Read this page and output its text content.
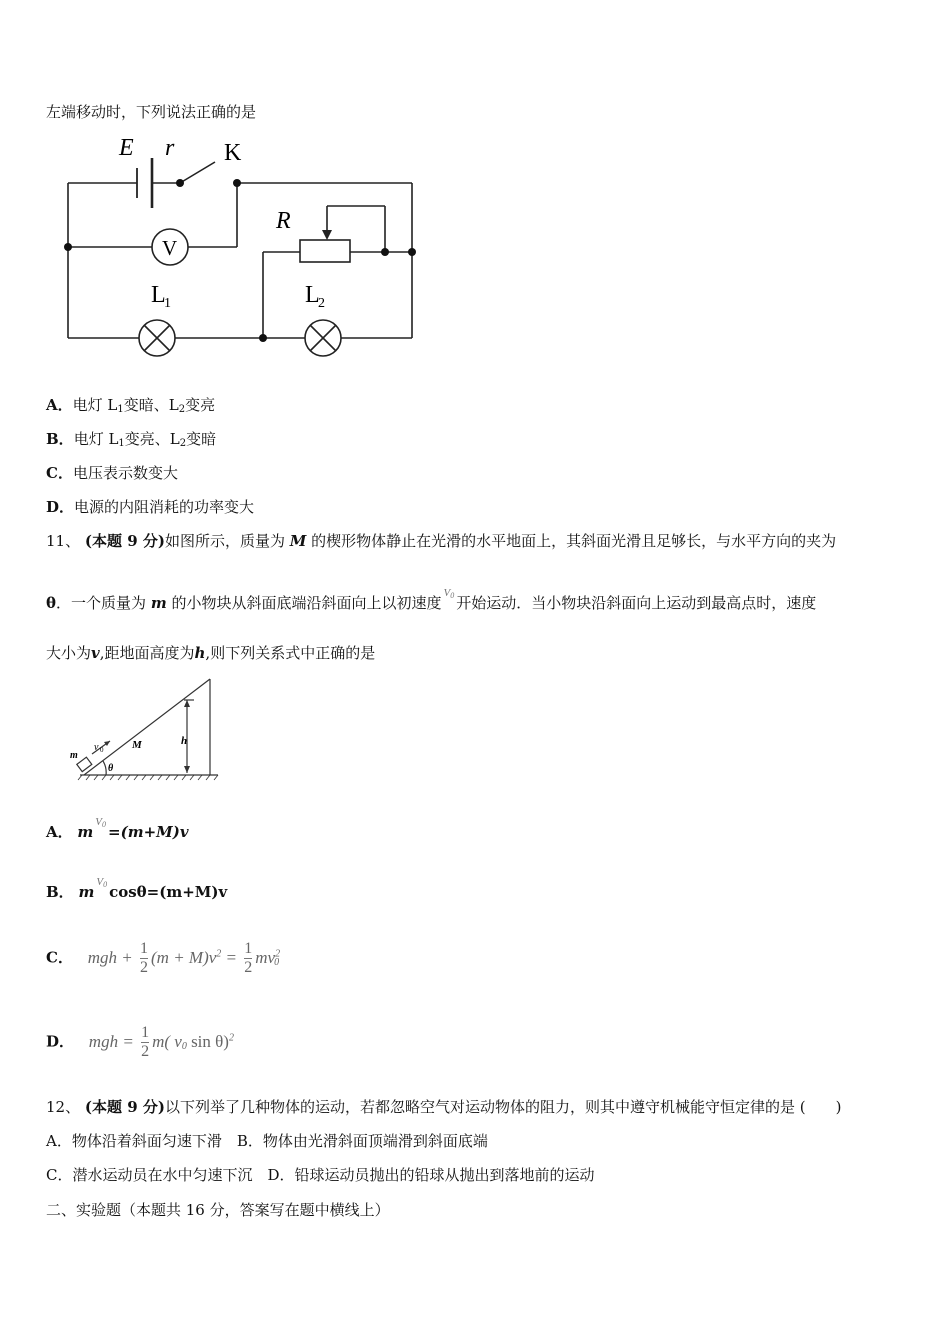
左端移动时，下列说法正确的是
E r K
R
V
L
1	L
2
A．电灯 $L_1$变暗、$L_2$变亮
B．电灯 $L_1$变亮、$L_2$变暗
C．电压表示数变大
D．电源的内阻消耗的功率变大
11、 (本题 9 分)如图所示，质量为 M 的楔形物体静止在光滑的水平地面上，其斜面光滑且足够长，与水平方向的夹为
θ．一个质量为 m 的小物块从斜面底端沿斜面向上以初速度$V_0$ 开始运动．当小物块沿斜面向上运动到最高点时，速度
大小为v,距地面高度为h,则下列关系式中正确的是
m
v 0	M	h
θ
A． $mV_0 =(m+M)v$
B． $mV_0$ cosθ=(m+M)v
C． mgh + $\frac{1}{2} (m + M)v^2 = \frac{1}{2} mv^2_0$
D． mgh = $\frac{1}{2} m$( $v_0$ sin θ)$^2$
12、 (本题 9 分)以下列举了几种物体的运动，若都忽略空气对运动物体的阻力，则其中遵守机械能守恒定律的是 (　　)
A．物体沿着斜面匀速下滑　 B．物体由光滑斜面顶端滑到斜面底端
C．潜水运动员在水中匀速下沉　 D．铅球运动员抛出的铅球从抛出到落地前的运动
二、实验题（本题共 16 分，答案写在题中横线上）
